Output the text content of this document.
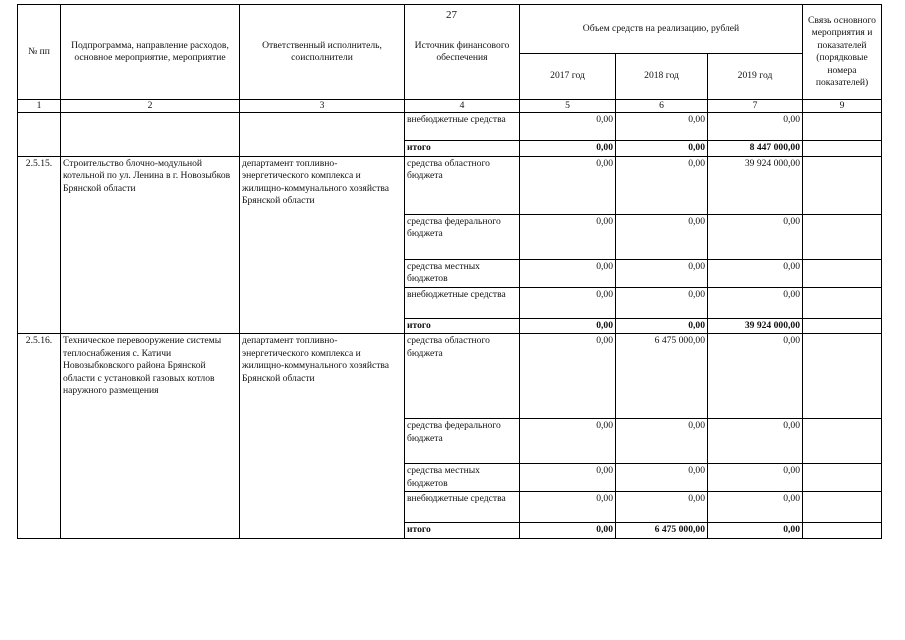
27
№ пп	Подпрограмма, направление расходов, основное мероприятие, мероприятие	Ответственный исполнитель, соисполнители	Источник финансового обеспечения	Объем средств на реализацию, рублей			Связь основного мероприятия и показателей (порядковые номера показателей)
				2017 год	2018 год	2019 год	
1	2	3	4	5	6	7	9
			внебюджетные средства	0,00	0,00	0,00	
			итого	0,00	0,00	8 447 000,00	
2.5.15.	Строительство блочно-модульной котельной по ул. Ленина в г. Новозыбков Брянской области	департамент топливно-энергетического комплекса и жилищно-коммунального хозяйства Брянской области	средства областного бюджета	0,00	0,00	39 924 000,00	
			средства федерального бюджета	0,00	0,00	0,00	
			средства местных бюджетов	0,00	0,00	0,00	
			внебюджетные средства	0,00	0,00	0,00	
			итого	0,00	0,00	39 924 000,00	
2.5.16.	Техническое перевооружение системы теплоснабжения с. Катичи Новозыбковского района Брянской области с установкой газовых котлов наружного размещения	департамент топливно-энергетического комплекса и жилищно-коммунального хозяйства Брянской области	средства областного бюджета	0,00	6 475 000,00	0,00	
			средства федерального бюджета	0,00	0,00	0,00	
			средства местных бюджетов	0,00	0,00	0,00	
			внебюджетные средства	0,00	0,00	0,00	
			итого	0,00	6 475 000,00	0,00	
